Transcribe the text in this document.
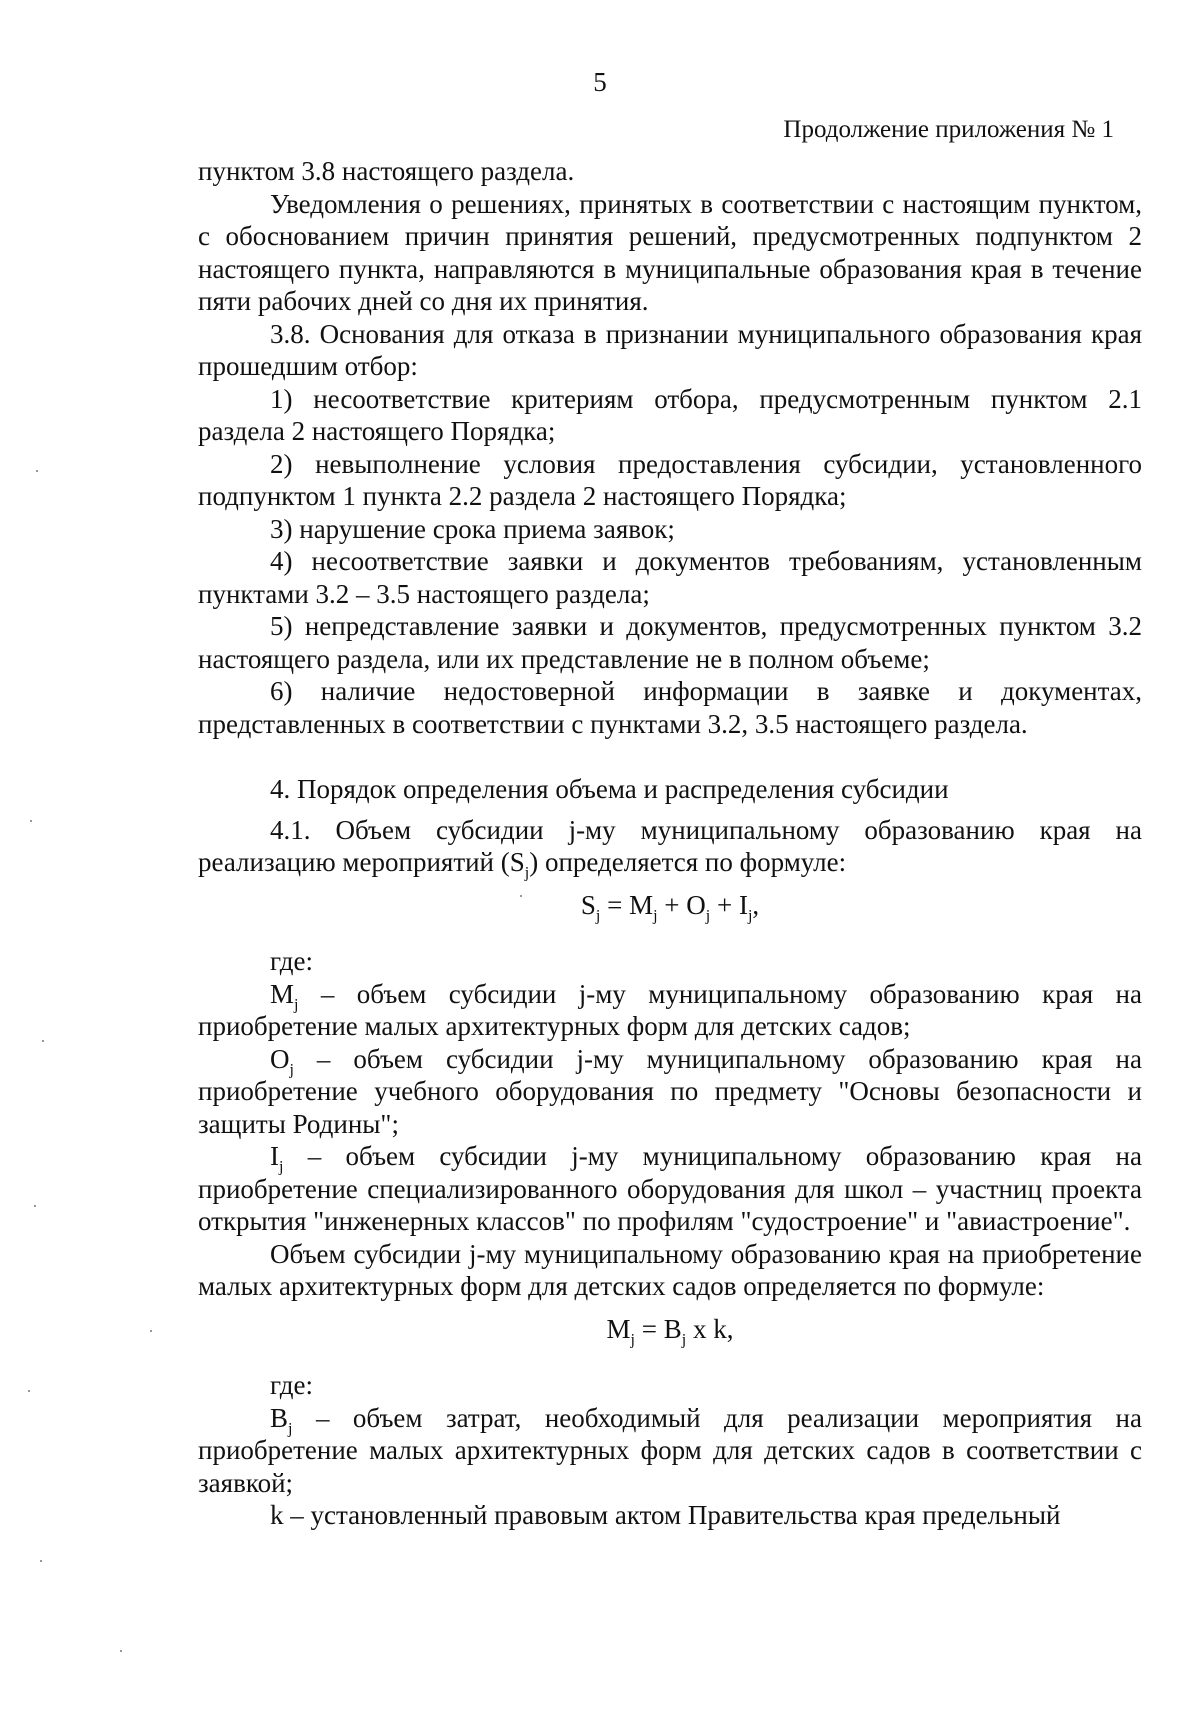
5
Продолжение приложения № 1

пунктом 3.8 настоящего раздела.

Уведомления о решениях, принятых в соответствии с настоящим пунктом, с обоснованием причин принятия решений, предусмотренных подпунктом 2 настоящего пункта, направляются в муниципальные образования края в течение пяти рабочих дней со дня их принятия.

3.8. Основания для отказа в признании муниципального образования края прошедшим отбор:

1) несоответствие критериям отбора, предусмотренным пунктом 2.1 раздела 2 настоящего Порядка;

2) невыполнение условия предоставления субсидии, установленного подпунктом 1 пункта 2.2 раздела 2 настоящего Порядка;

3) нарушение срока приема заявок;

4) несоответствие заявки и документов требованиям, установленным пунктами 3.2 – 3.5 настоящего раздела;

5) непредставление заявки и документов, предусмотренных пунктом 3.2 настоящего раздела, или их представление не в полном объеме;

6) наличие недостоверной информации в заявке и документах, представленных в соответствии с пунктами 3.2, 3.5 настоящего раздела.

4. Порядок определения объема и распределения субсидии

4.1. Объем субсидии j-му муниципальному образованию края на реализацию мероприятий $(S_j)$ определяется по формуле:

$S_j = M_j + O_j + I_j$,

где:

$M_j$ – объем субсидии j-му муниципальному образованию края на приобретение малых архитектурных форм для детских садов;

$O_j$ – объем субсидии j-му муниципальному образованию края на приобретение учебного оборудования по предмету "Основы безопасности и защиты Родины";

$I_j$ – объем субсидии j-му муниципальному образованию края на приобретение специализированного оборудования для школ – участниц проекта открытия "инженерных классов" по профилям "судостроение" и "авиастроение".

Объем субсидии j-му муниципальному образованию края на приобретение малых архитектурных форм для детских садов определяется по формуле:

$M_j = B_j$ x k,

где:

$B_j$ – объем затрат, необходимый для реализации мероприятия на приобретение малых архитектурных форм для детских садов в соответствии с заявкой;

k – установленный правовым актом Правительства края предельный
